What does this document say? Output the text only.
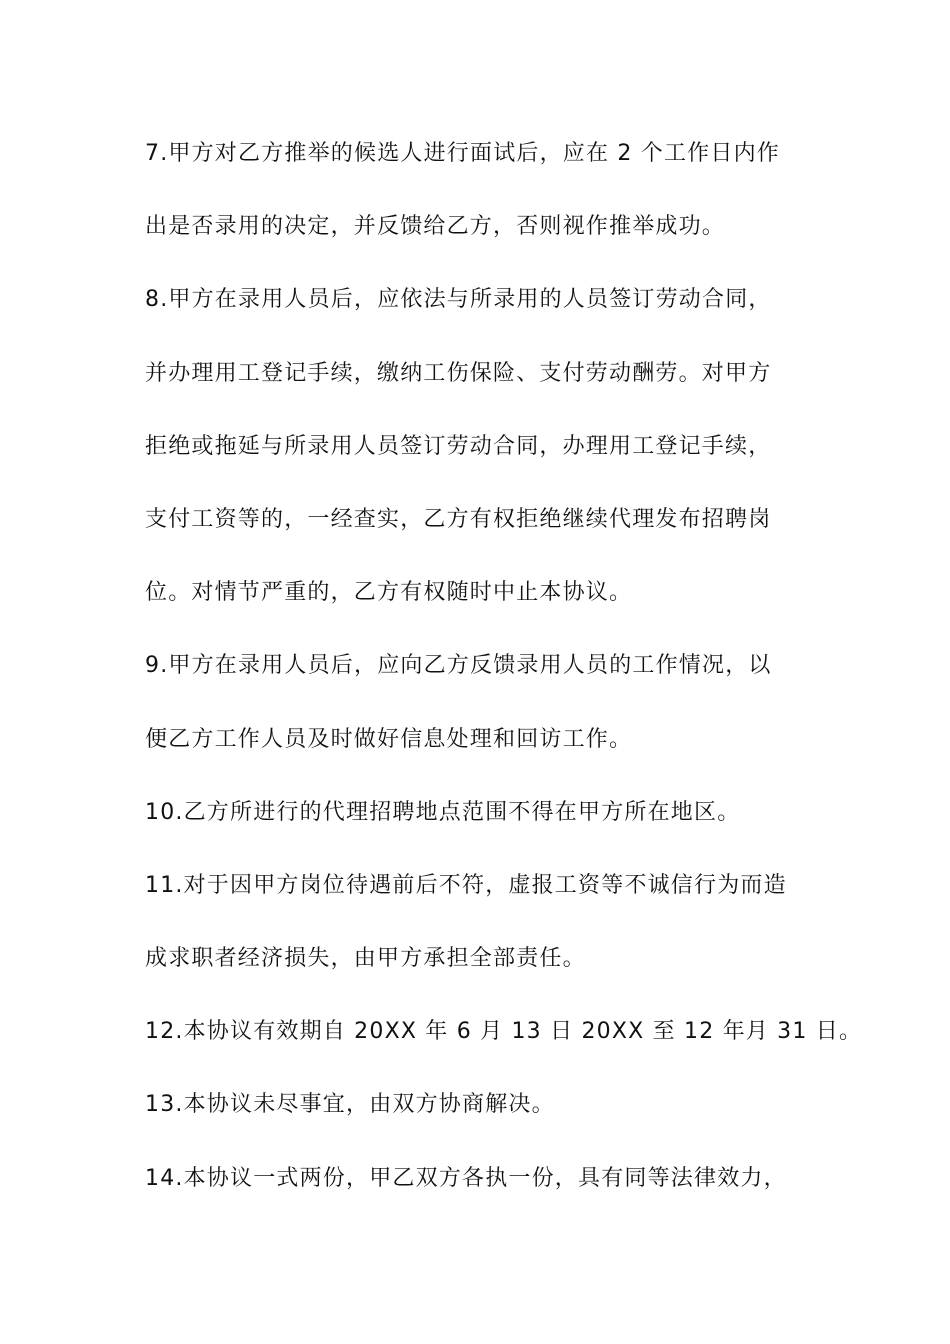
7.甲方对乙方推举的候选人进行面试后，应在 2 个工作日内作
出是否录用的决定，并反馈给乙方，否则视作推举成功。
8.甲方在录用人员后，应依法与所录用的人员签订劳动合同，
并办理用工登记手续，缴纳工伤保险、支付劳动酬劳。对甲方
拒绝或拖延与所录用人员签订劳动合同，办理用工登记手续，
支付工资等的，一经查实，乙方有权拒绝继续代理发布招聘岗
位。对情节严重的，乙方有权随时中止本协议。
9.甲方在录用人员后，应向乙方反馈录用人员的工作情况，以
便乙方工作人员及时做好信息处理和回访工作。
10.乙方所进行的代理招聘地点范围不得在甲方所在地区。
11.对于因甲方岗位待遇前后不符，虚报工资等不诚信行为而造
成求职者经济损失，由甲方承担全部责任。
12.本协议有效期自 20XX 年 6 月 13 日 20XX 至 12 年月 31 日。
13.本协议未尽事宜，由双方协商解决。
14.本协议一式两份，甲乙双方各执一份，具有同等法律效力，
